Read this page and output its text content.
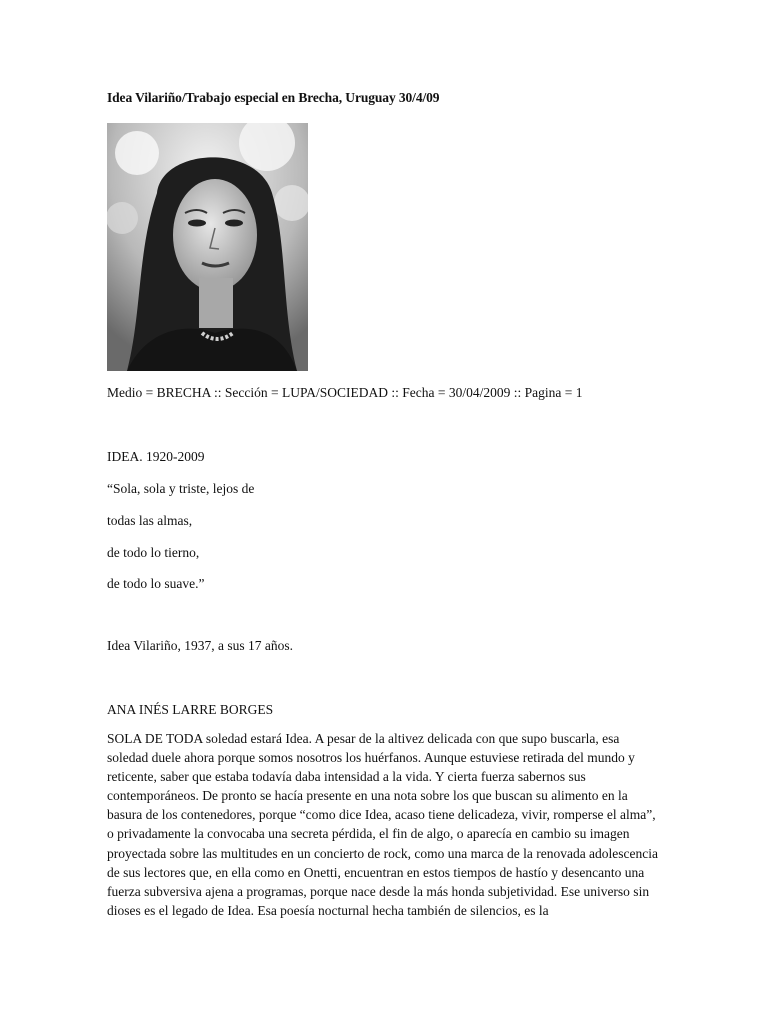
Idea Vilariño/Trabajo especial en Brecha, Uruguay 30/4/09
Medio = BRECHA :: Sección = LUPA/SOCIEDAD :: Fecha = 30/04/2009 :: Pagina = 1
IDEA. 1920-2009
“Sola, sola y triste, lejos de
todas las almas,
de todo lo tierno,
de todo lo suave.”
Idea Vilariño, 1937, a sus 17 años.
ANA INÉS LARRE BORGES

SOLA DE TODA soledad estará Idea. A pesar de la altivez delicada con que supo buscarla, esa soledad duele ahora porque somos nosotros los huérfanos. Aunque estuviese retirada del mundo y reticente, saber que estaba todavía daba intensidad a la vida. Y cierta fuerza sabernos sus contemporáneos. De pronto se hacía presente en una nota sobre los que buscan su alimento en la basura de los contenedores, porque “como dice Idea, acaso tiene delicadeza, vivir, romperse el alma”, o privadamente la convocaba una secreta pérdida, el fin de algo, o aparecía en cambio su imagen proyectada sobre las multitudes en un concierto de rock, como una marca de la renovada adolescencia de sus lectores que, en ella como en Onetti, encuentran en estos tiempos de hastío y desencanto una fuerza subversiva ajena a programas, porque nace desde la más honda subjetividad. Ese universo sin dioses es el legado de Idea. Esa poesía nocturnal hecha también de silencios, es la
